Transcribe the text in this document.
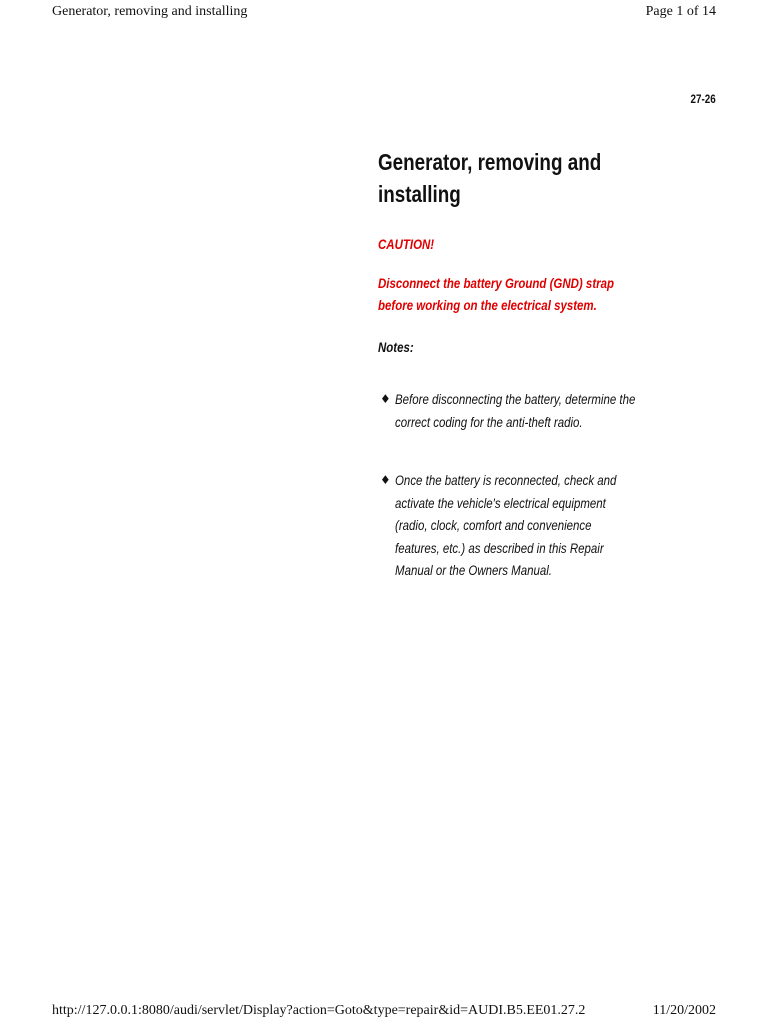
Generator, removing and installing	Page 1 of 14
27-26
Generator, removing and
installing
CAUTION!
Disconnect the battery Ground (GND) strap
before working on the electrical system.
Notes:
♦ Before disconnecting the battery, determine the
correct coding for the anti-theft radio.
♦ Once the battery is reconnected, check and
activate the vehicle's electrical equipment
(radio, clock, comfort and convenience
features, etc.) as described in this Repair
Manual or the Owners Manual.
http://127.0.0.1:8080/audi/servlet/Display?action=Goto&type=repair&id=AUDI.B5.EE01.27.2	11/20/2002
